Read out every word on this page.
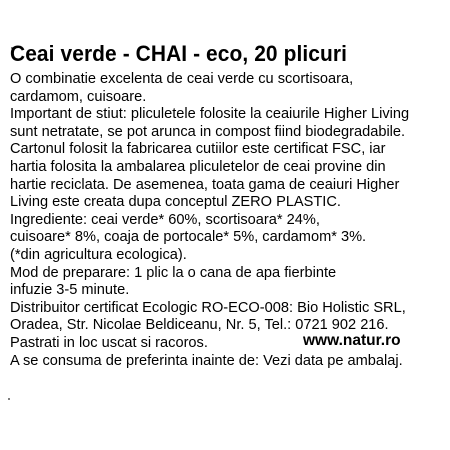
Ceai verde - CHAI - eco, 20 plicuri
O combinatie excelenta de ceai verde cu scortisoara,
cardamom, cuisoare.
Important de stiut: pliculetele folosite la ceaiurile Higher Living
sunt netratate, se pot arunca in compost fiind biodegradabile.
Cartonul folosit la fabricarea cutiilor este certificat FSC, iar
hartia folosita la ambalarea pliculetelor de ceai provine din
hartie reciclata. De asemenea, toata gama de ceaiuri Higher
Living este creata dupa conceptul ZERO PLASTIC.
Ingrediente: ceai verde* 60%, scortisoara* 24%,
cuisoare* 8%, coaja de portocale* 5%, cardamom* 3%.
(*din agricultura ecologica).
Mod de preparare: 1 plic la o cana de apa fierbinte
infuzie 3-5 minute.
Distribuitor certificat Ecologic RO-ECO-008: Bio Holistic SRL,
Oradea, Str. Nicolae Beldiceanu, Nr. 5, Tel.: 0721 902 216.
Pastrati in loc uscat si racoros.	www.natur.ro
A se consuma de preferinta inainte de: Vezi data pe ambalaj.
